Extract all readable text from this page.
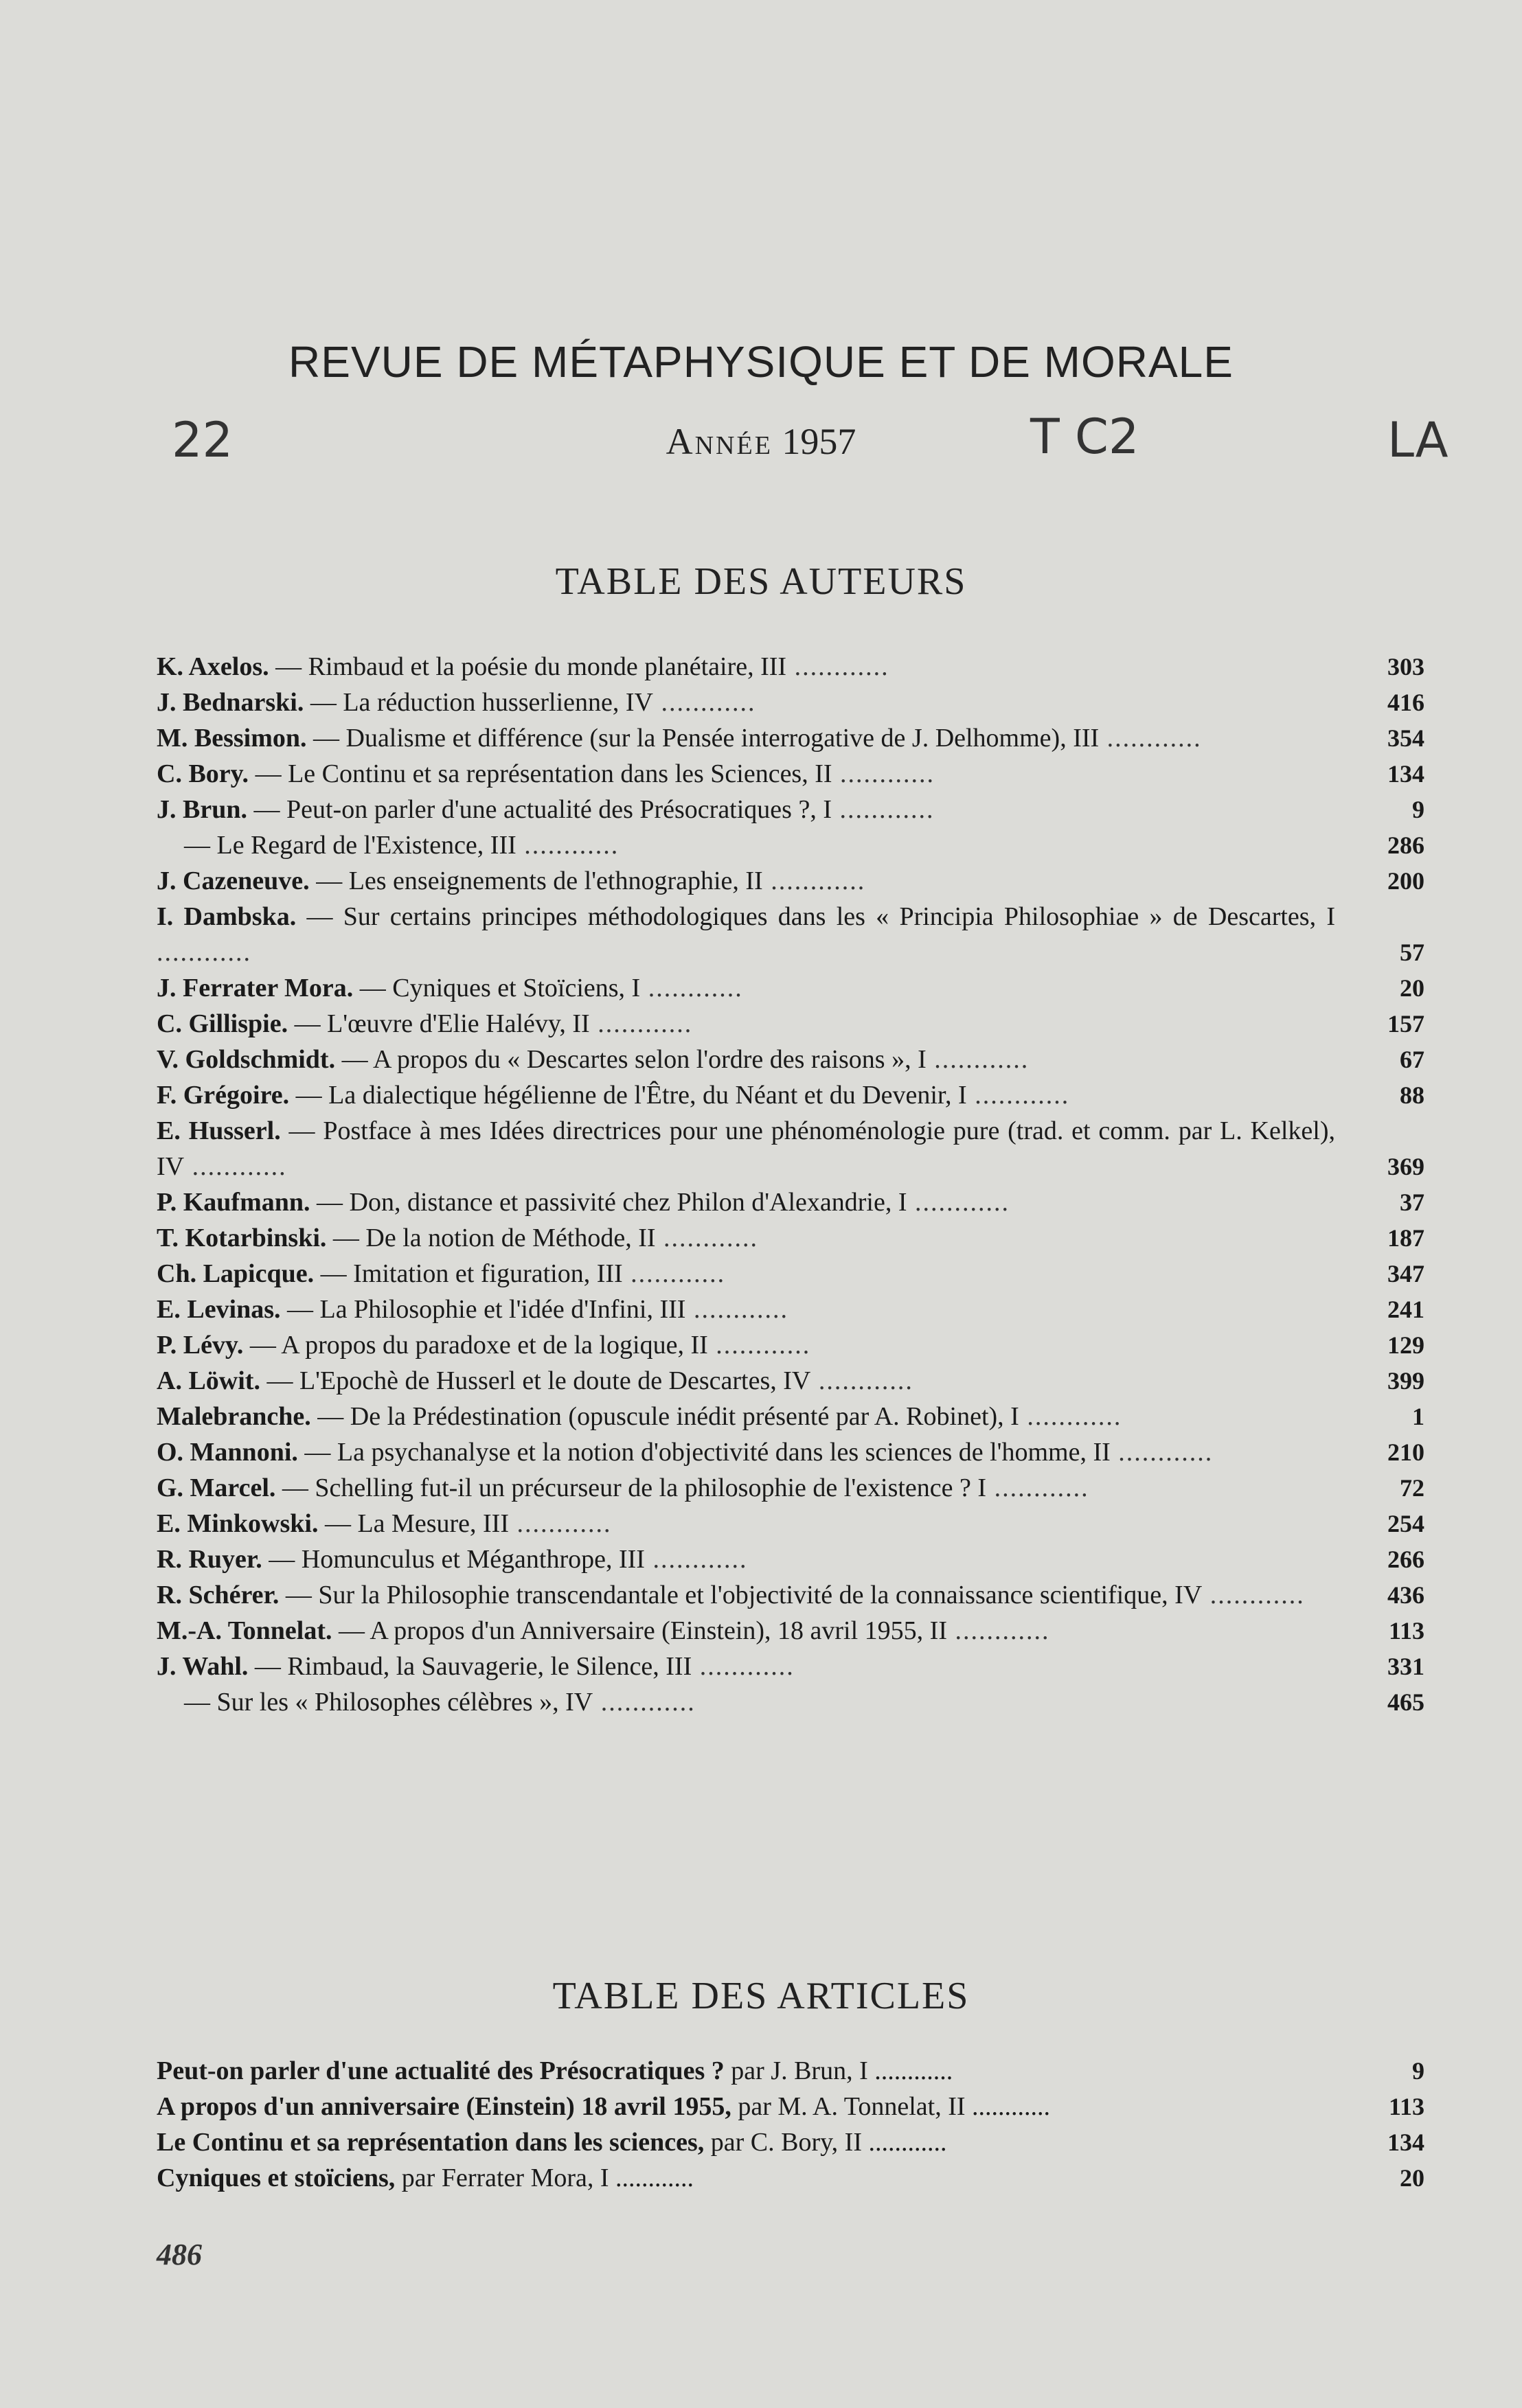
REVUE DE MÉTAPHYSIQUE ET DE MORALE
Année 1957
22	T C2	LA
TABLE DES AUTEURS
K. Axelos. — Rimbaud et la poésie du monde planétaire, III ............	303
J. Bednarski. — La réduction husserlienne, IV ............	416
M. Bessimon. — Dualisme et différence (sur la Pensée interrogative de J. Delhomme), III ............	354
C. Bory. — Le Continu et sa représentation dans les Sciences, II ............	134
J. Brun. — Peut-on parler d'une actualité des Présocratiques ?, I ............	9
— Le Regard de l'Existence, III ............	286
J. Cazeneuve. — Les enseignements de l'ethnographie, II ............	200
I. Dambska. — Sur certains principes méthodologiques dans les « Principia Philosophiae » de Descartes, I ............	57
J. Ferrater Mora. — Cyniques et Stoïciens, I ............	20
C. Gillispie. — L'œuvre d'Elie Halévy, II ............	157
V. Goldschmidt. — A propos du « Descartes selon l'ordre des raisons », I ............	67
F. Grégoire. — La dialectique hégélienne de l'Être, du Néant et du Devenir, I ............	88
E. Husserl. — Postface à mes Idées directrices pour une phénoménologie pure (trad. et comm. par L. Kelkel), IV ............	369
P. Kaufmann. — Don, distance et passivité chez Philon d'Alexandrie, I ............	37
T. Kotarbinski. — De la notion de Méthode, II ............	187
Ch. Lapicque. — Imitation et figuration, III ............	347
E. Levinas. — La Philosophie et l'idée d'Infini, III ............	241
P. Lévy. — A propos du paradoxe et de la logique, II ............	129
A. Löwit. — L'Epochè de Husserl et le doute de Descartes, IV ............	399
Malebranche. — De la Prédestination (opuscule inédit présenté par A. Robinet), I ............	1
O. Mannoni. — La psychanalyse et la notion d'objectivité dans les sciences de l'homme, II ............	210
G. Marcel. — Schelling fut-il un précurseur de la philosophie de l'existence ? I ............	72
E. Minkowski. — La Mesure, III ............	254
R. Ruyer. — Homunculus et Méganthrope, III ............	266
R. Schérer. — Sur la Philosophie transcendantale et l'objectivité de la connaissance scientifique, IV ............	436
M.-A. Tonnelat. — A propos d'un Anniversaire (Einstein), 18 avril 1955, II ............	113
J. Wahl. — Rimbaud, la Sauvagerie, le Silence, III ............	331
— Sur les « Philosophes célèbres », IV ............	465
TABLE DES ARTICLES
Peut-on parler d'une actualité des Présocratiques ? par J. Brun, I ............	9
A propos d'un anniversaire (Einstein) 18 avril 1955, par M. A. Tonnelat, II ............	113
Le Continu et sa représentation dans les sciences, par C. Bory, II ............	134
Cyniques et stoïciens, par Ferrater Mora, I ............	20
486
